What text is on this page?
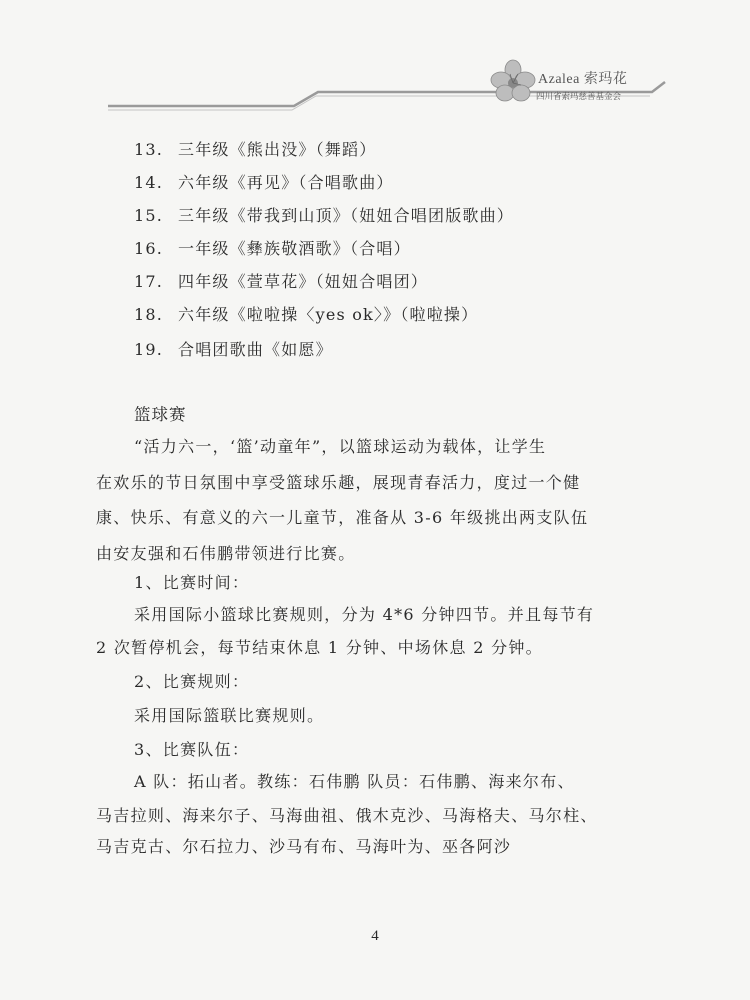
Azalea 索玛花
四川省索玛慈善基金会
13. 三年级《熊出没》（舞蹈）
14. 六年级《再见》（合唱歌曲）
15. 三年级《带我到山顶》（妞妞合唱团版歌曲）
16. 一年级《彝族敬酒歌》（合唱）
17. 四年级《萱草花》（妞妞合唱团）
18. 六年级《啦啦操〈yes ok〉》（啦啦操）
19. 合唱团歌曲《如愿》
篮球赛
“活力六一，‘篮’动童年”，以篮球运动为载体，让学生
在欢乐的节日氛围中享受篮球乐趣，展现青春活力，度过一个健
康、快乐、有意义的六一儿童节，准备从 3-6 年级挑出两支队伍
由安友强和石伟鹏带领进行比赛。
1、比赛时间：
采用国际小篮球比赛规则，分为 4*6 分钟四节。并且每节有
2 次暂停机会，每节结束休息 1 分钟、中场休息 2 分钟。
2、比赛规则：
采用国际篮联比赛规则。
3、比赛队伍：
A 队：拓山者。教练：石伟鹏 队员：石伟鹏、海来尔布、
马吉拉则、海来尔子、马海曲祖、俄木克沙、马海格夫、马尔柱、
马吉克古、尔石拉力、沙马有布、马海叶为、巫各阿沙
4
